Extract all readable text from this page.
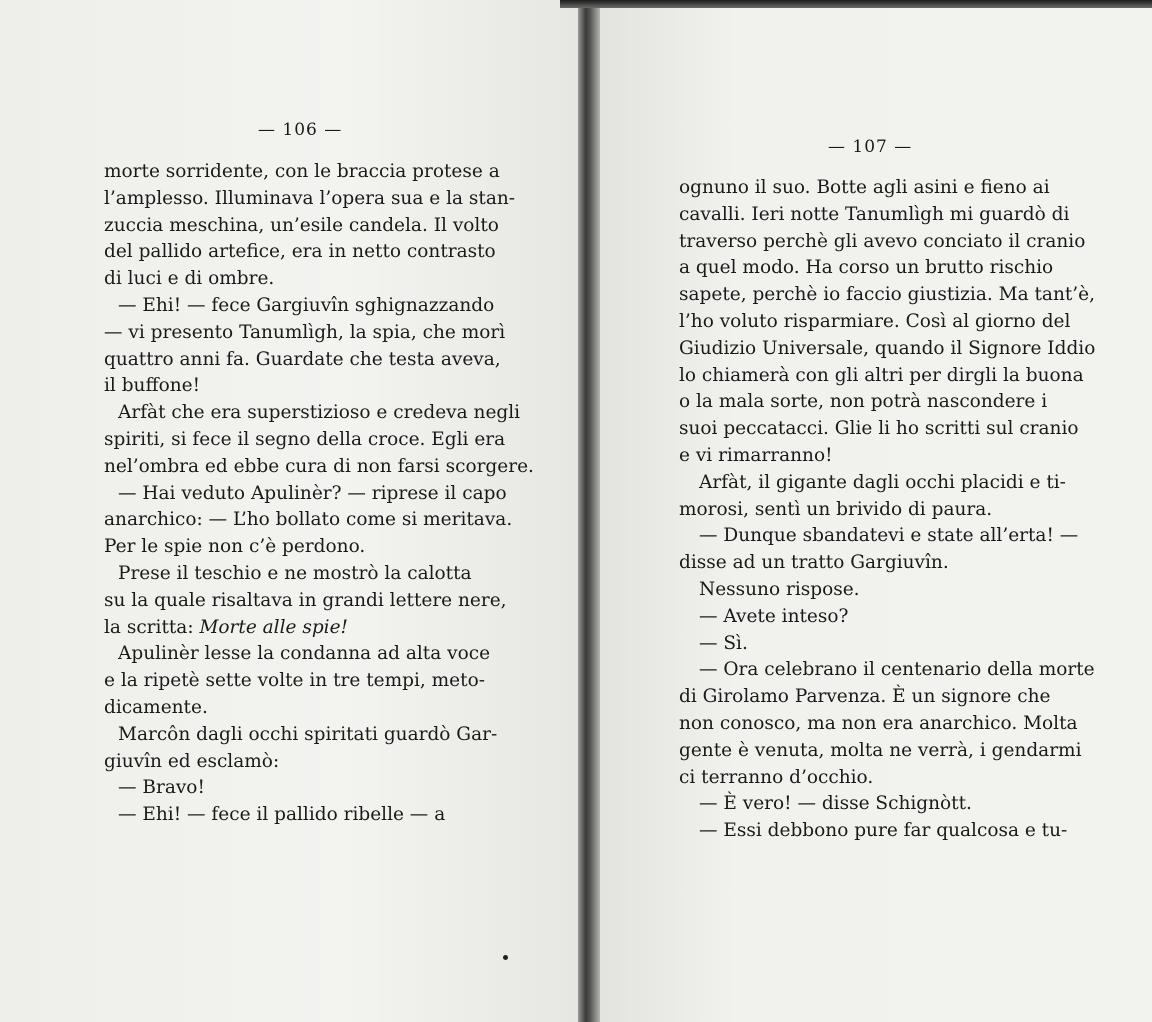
— 106 —
morte sorridente, con le braccia protese a
l’amplesso. Illuminava l’opera sua e la stan-
zuccia meschina, un’esile candela. Il volto
del pallido artefice, era in netto contrasto
di luci e di ombre.
— Ehi! — fece Gargiuvîn sghignazzando
— vi presento Tanumlìgh, la spia, che morì
quattro anni fa. Guardate che testa aveva,
il buffone!
Arfàt che era superstizioso e credeva negli
spiriti, si fece il segno della croce. Egli era
nel’ombra ed ebbe cura di non farsi scorgere.
— Hai veduto Apulinèr? — riprese il capo
anarchico: — L’ho bollato come si meritava.
Per le spie non c’è perdono.
Prese il teschio e ne mostrò la calotta
su la quale risaltava in grandi lettere nere,
la scritta: Morte alle spie!
Apulinèr lesse la condanna ad alta voce
e la ripetè sette volte in tre tempi, meto-
dicamente.
Marcôn dagli occhi spiritati guardò Gar-
giuvîn ed esclamò:
— Bravo!
— Ehi! — fece il pallido ribelle — a
— 107 —
ognuno il suo. Botte agli asini e fieno ai
cavalli. Ieri notte Tanumlìgh mi guardò di
traverso perchè gli avevo conciato il cranio
a quel modo. Ha corso un brutto rischio
sapete, perchè io faccio giustizia. Ma tant’è,
l’ho voluto risparmiare. Così al giorno del
Giudizio Universale, quando il Signore Iddio
lo chiamerà con gli altri per dirgli la buona
o la mala sorte, non potrà nascondere i
suoi peccatacci. Glie li ho scritti sul cranio
e vi rimarranno!
Arfàt, il gigante dagli occhi placidi e ti-
morosi, sentì un brivido di paura.
— Dunque sbandatevi e state all’erta! —
disse ad un tratto Gargiuvîn.
Nessuno rispose.
— Avete inteso?
— Sì.
— Ora celebrano il centenario della morte
di Girolamo Parvenza. È un signore che
non conosco, ma non era anarchico. Molta
gente è venuta, molta ne verrà, i gendarmi
ci terranno d’occhio.
— È vero! — disse Schignòtt.
— Essi debbono pure far qualcosa e tu-
